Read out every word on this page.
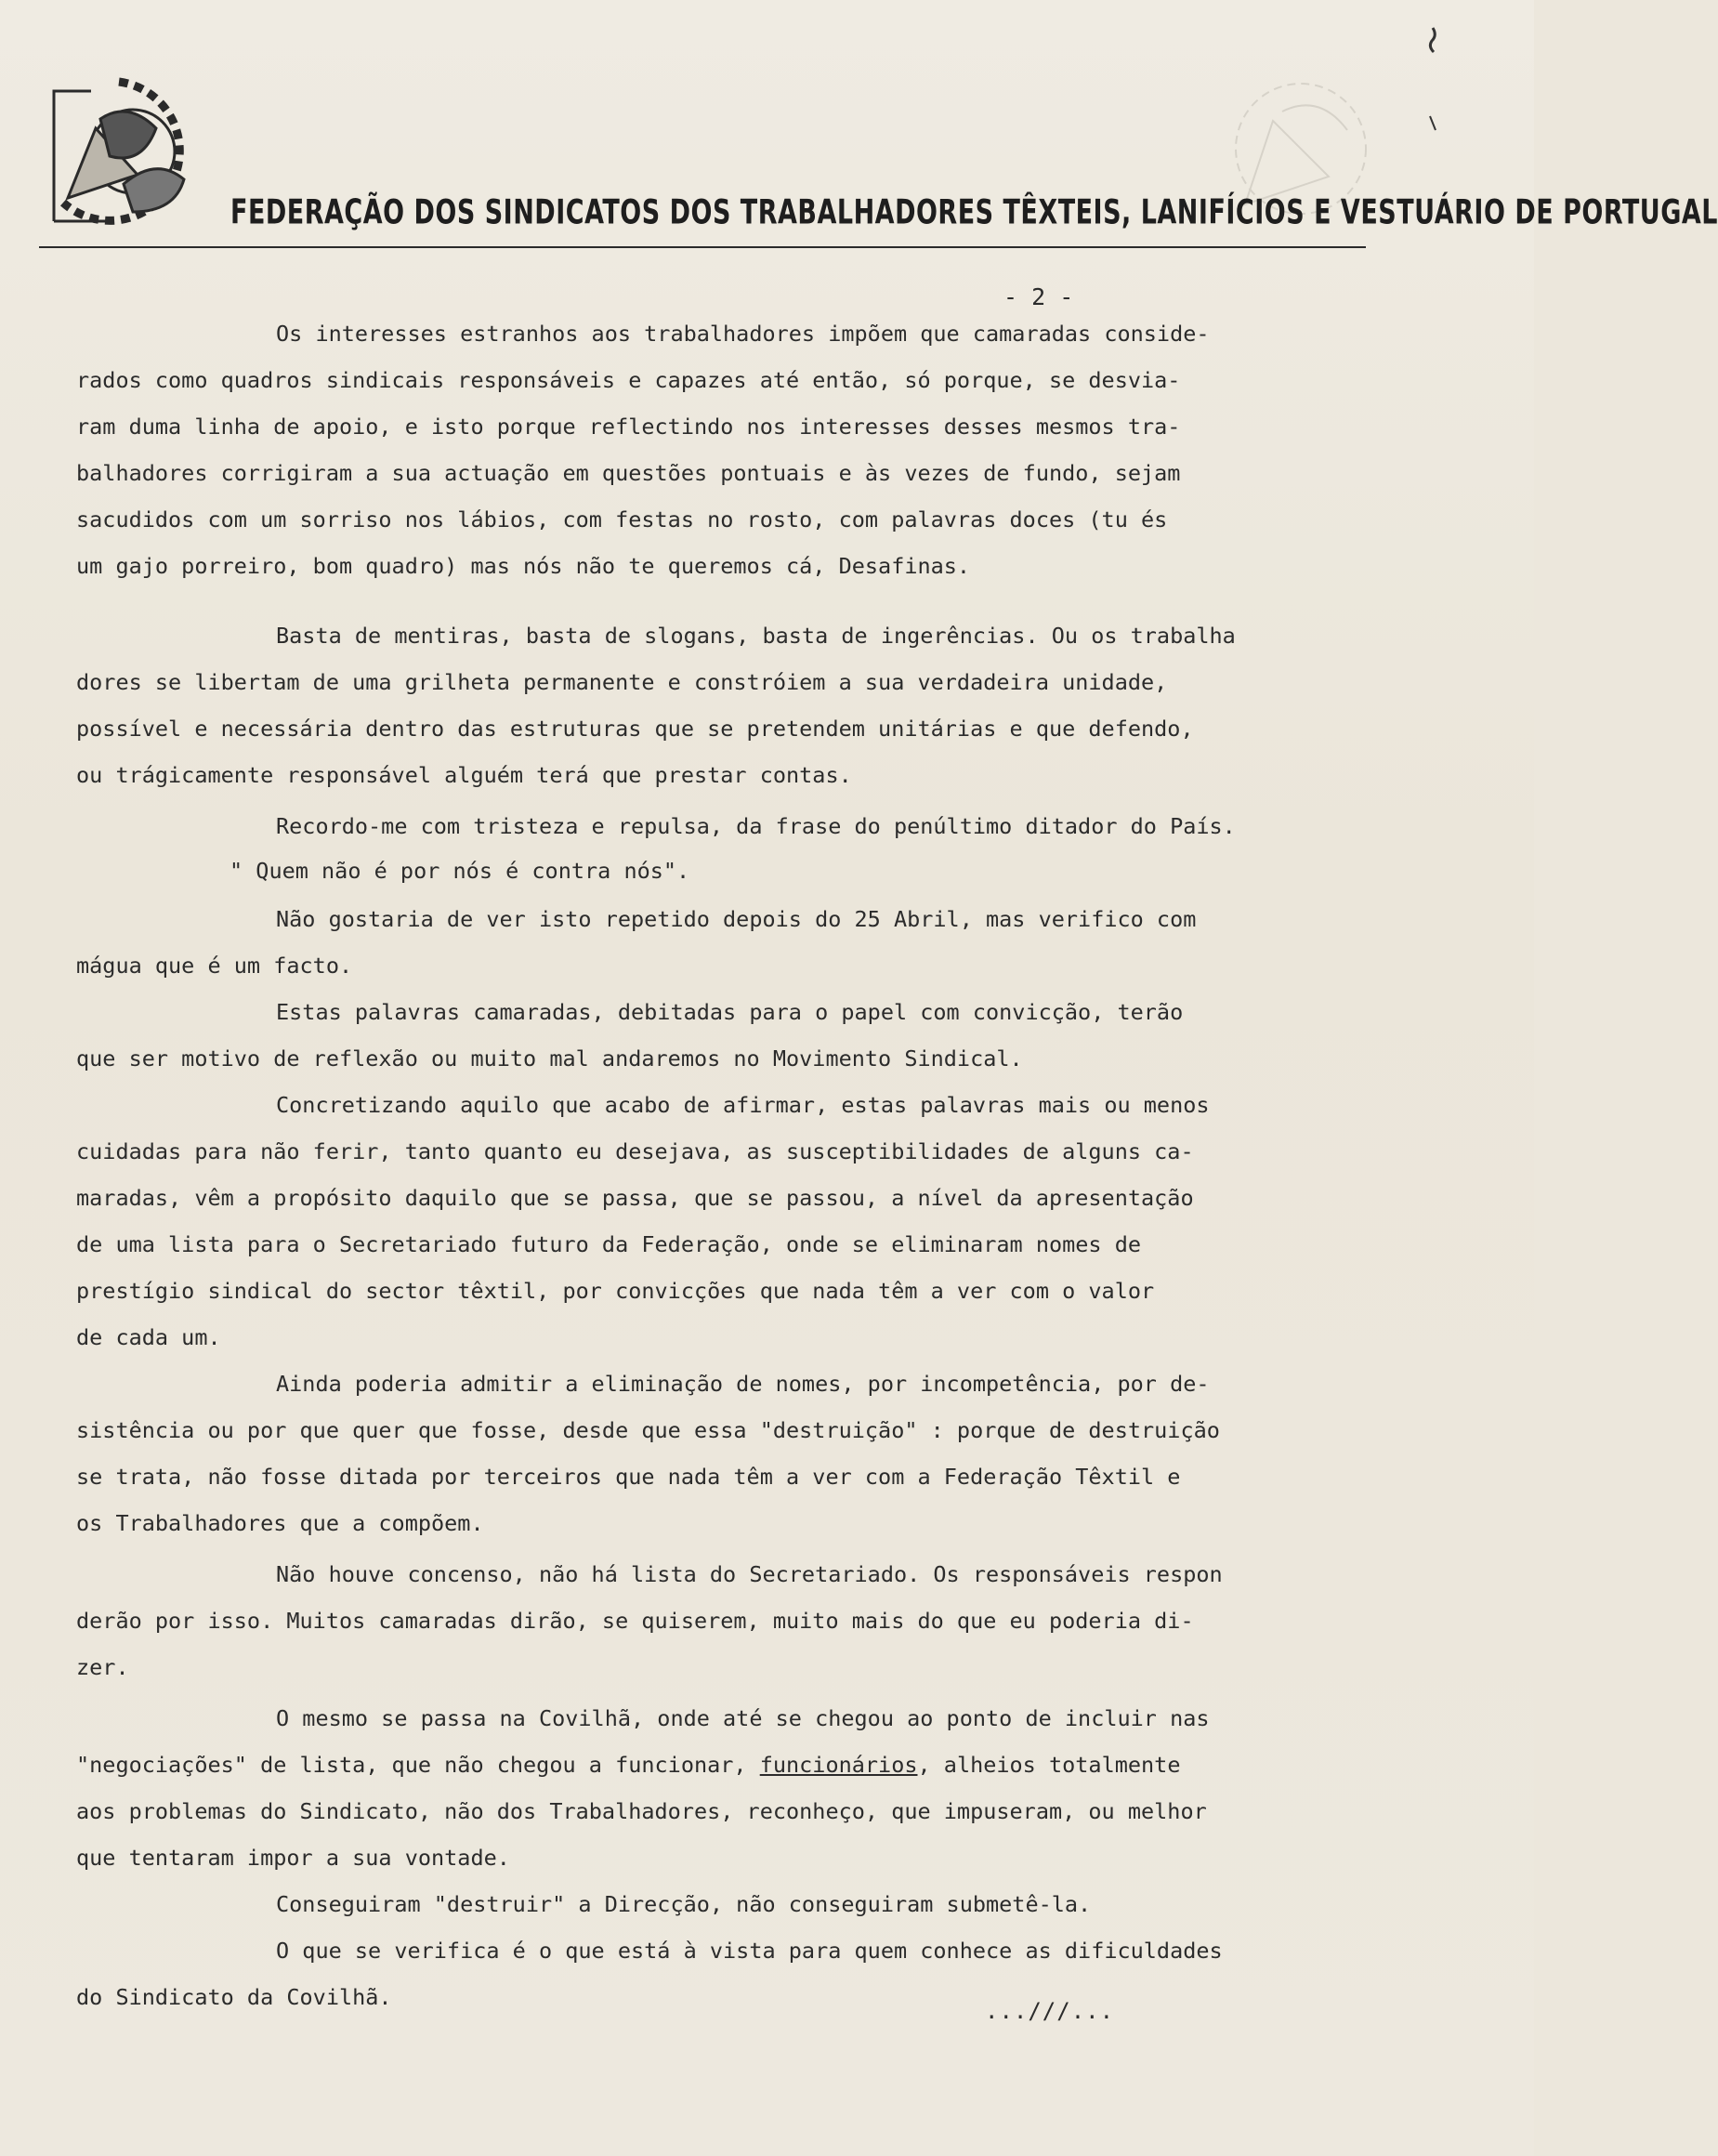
FEDERAÇÃO DOS SINDICATOS DOS TRABALHADORES TÊXTEIS, LANIFÍCIOS E VESTUÁRIO DE PORTUGAL
- 2 -
Os interesses estranhos aos trabalhadores impõem que camaradas conside-
rados como quadros sindicais responsáveis e capazes até então, só porque, se desvia-
ram duma linha de apoio, e isto porque reflectindo nos interesses desses mesmos tra-
balhadores corrigiram a sua actuação em questões pontuais e às vezes de fundo, sejam
sacudidos com um sorriso nos lábios, com festas no rosto, com palavras doces (tu és
um gajo porreiro, bom quadro) mas nós não te queremos cá, Desafinas.
Basta de mentiras, basta de slogans, basta de ingerências. Ou os trabalha
dores se libertam de uma grilheta permanente e constróiem a sua verdadeira unidade,
possível e necessária dentro das estruturas que se pretendem unitárias e que defendo,
ou trágicamente responsável alguém terá que prestar contas.
Recordo-me com tristeza e repulsa, da frase do penúltimo ditador do País.
" Quem não é por nós é contra nós".
Não gostaria de ver isto repetido depois do 25 Abril, mas verifico com
mágua que é um facto.
Estas palavras camaradas, debitadas para o papel com convicção, terão
que ser motivo de reflexão ou muito mal andaremos no Movimento Sindical.
Concretizando aquilo que acabo de afirmar, estas palavras mais ou menos
cuidadas para não ferir, tanto quanto eu desejava, as susceptibilidades de alguns ca-
maradas, vêm a propósito daquilo que se passa, que se passou, a nível da apresentação
de uma lista para o Secretariado futuro da Federação, onde se eliminaram nomes de
prestígio sindical do sector têxtil, por convicções que nada têm a ver com o valor
de cada um.
Ainda poderia admitir a eliminação de nomes, por incompetência, por de-
sistência ou por que quer que fosse, desde que essa "destruição" : porque de destruição
se trata, não fosse ditada por terceiros que nada têm a ver com a Federação Têxtil e
os Trabalhadores que a compõem.
Não houve concenso, não há lista do Secretariado. Os responsáveis respon
derão por isso. Muitos camaradas dirão, se quiserem, muito mais do que eu poderia di-
zer.
O mesmo se passa na Covilhã, onde até se chegou ao ponto de incluir nas
"negociações" de lista, que não chegou a funcionar, funcionários, alheios totalmente
aos problemas do Sindicato, não dos Trabalhadores, reconheço, que impuseram, ou melhor
que tentaram impor a sua vontade.
Conseguiram "destruir" a Direcção, não conseguiram submetê-la.
O que se verifica é o que está à vista para quem conhece as dificuldades
do Sindicato da Covilhã.
...///...
